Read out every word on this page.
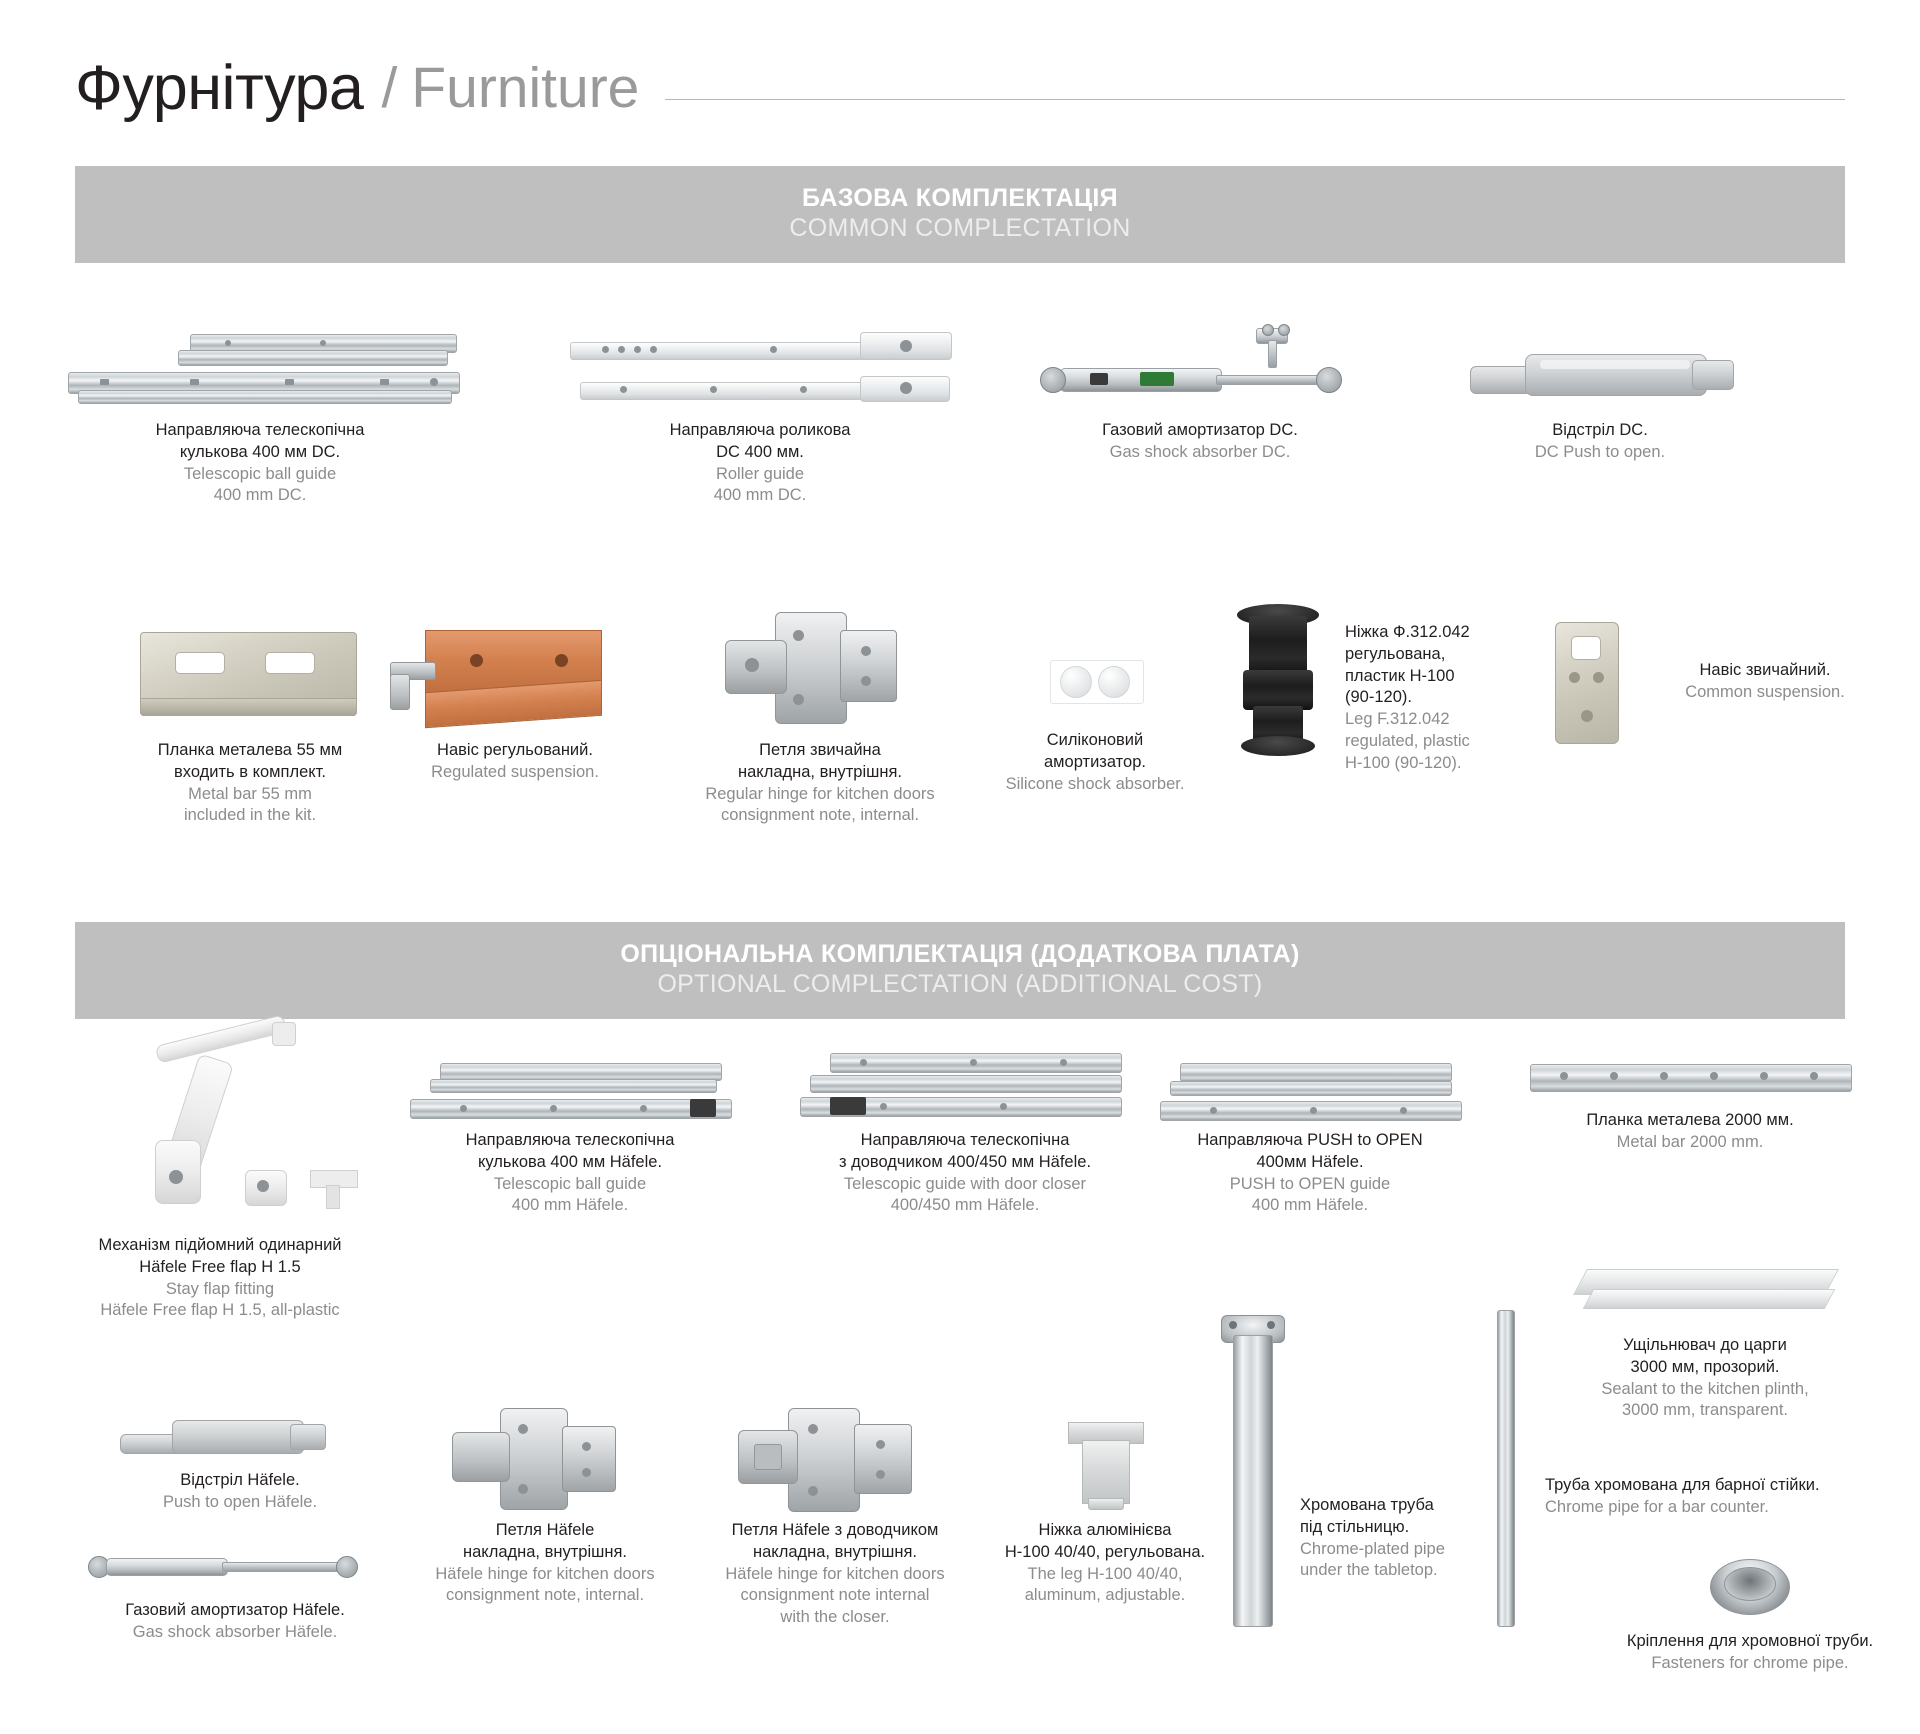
Фурнітура / Furniture
БАЗОВА КОМПЛЕКТАЦІЯ
COMMON COMPLECTATION
Направляюча телескопічна
кулькова 400 мм DC.
Telescopic ball guide
400 mm DC.
Направляюча роликова
DC 400 мм.
Roller guide
400 mm DC.
Газовий амортизатор DC.
Gas shock absorber DC.
Відстріл DC.
DC Push to open.
Планка металева 55 мм
входить в комплект.
Metal bar 55 mm
included in the kit.
Навіс регульований.
Regulated suspension.
Петля звичайна
накладна, внутрішня.
Regular hinge for kitchen doors
consignment note, internal.
Силіконовий
амортизатор.
Silicone shock absorber.
Ніжка Ф.312.042
регульована,
пластик H-100
(90-120).
Leg F.312.042
regulated, plastic
H-100 (90-120).
Навіс звичайний.
Common suspension.
ОПЦІОНАЛЬНА КОМПЛЕКТАЦІЯ (ДОДАТКОВА ПЛАТА)
OPTIONAL COMPLECTATION (ADDITIONAL COST)
Механізм підйомний одинарний
Häfele Free flap H 1.5
Stay flap fitting
Häfele Free flap H 1.5, all-plastic
Направляюча телескопічна
кулькова 400 мм Häfele.
Telescopic ball guide
400 mm Häfele.
Направляюча телескопічна
з доводчиком 400/450 мм Häfele.
Telescopic guide with door closer
400/450 mm Häfele.
Направляюча PUSH to OPEN
400мм Häfele.
PUSH to OPEN guide
400 mm Häfele.
Планка металева 2000 мм.
Metal bar 2000 mm.
Ущільнювач до царги
3000 мм, прозорий.
Sealant to the kitchen plinth,
3000 mm, transparent.
Відстріл Häfele.
Push to open Häfele.
Газовий амортизатор Häfele.
Gas shock absorber Häfele.
Петля Häfele
накладна, внутрішня.
Häfele hinge for kitchen doors
consignment note, internal.
Петля Häfele з доводчиком
накладна, внутрішня.
Häfele hinge for kitchen doors
consignment note internal
with the closer.
Ніжка алюмінієва
H-100 40/40, регульована.
The leg H-100 40/40,
aluminum, adjustable.
Хромована труба
під стільницю.
Chrome-plated pipe
under the tabletop.
Труба хромована для барної стійки.
Chrome pipe for a bar counter.
Кріплення для хромовної труби.
Fasteners for chrome pipe.
